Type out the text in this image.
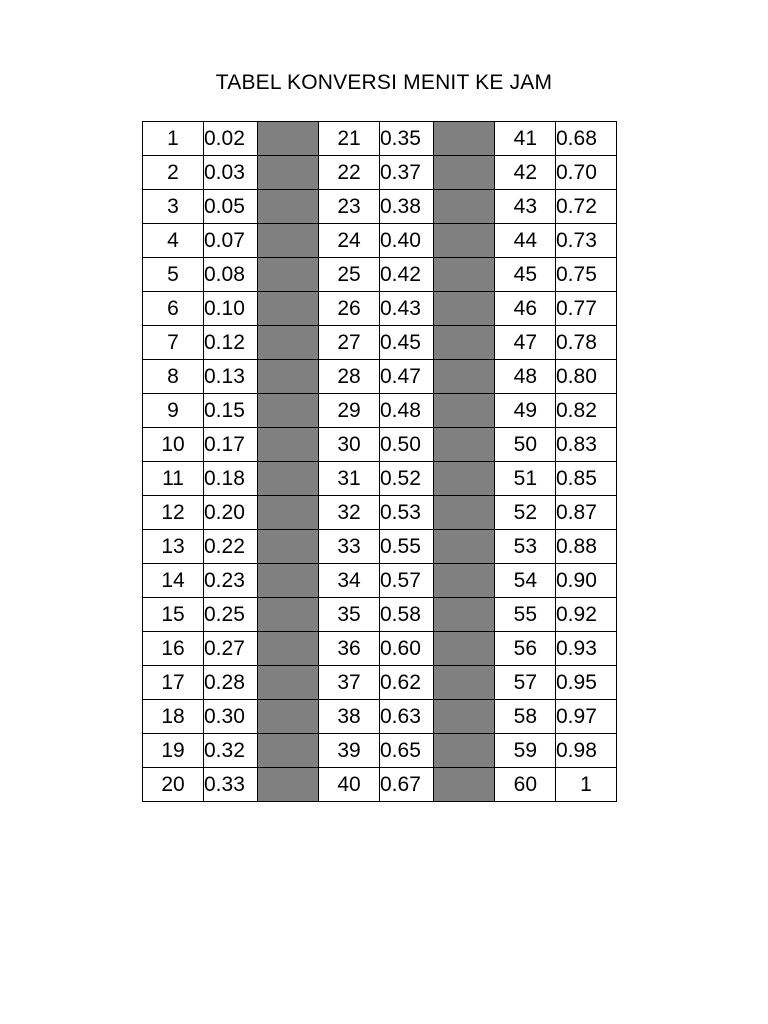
TABEL KONVERSI MENIT KE JAM
1	0.02		21	0.35		41	0.68
2	0.03		22	0.37		42	0.70
3	0.05		23	0.38		43	0.72
4	0.07		24	0.40		44	0.73
5	0.08		25	0.42		45	0.75
6	0.10		26	0.43		46	0.77
7	0.12		27	0.45		47	0.78
8	0.13		28	0.47		48	0.80
9	0.15		29	0.48		49	0.82
10	0.17		30	0.50		50	0.83
11	0.18		31	0.52		51	0.85
12	0.20		32	0.53		52	0.87
13	0.22		33	0.55		53	0.88
14	0.23		34	0.57		54	0.90
15	0.25		35	0.58		55	0.92
16	0.27		36	0.60		56	0.93
17	0.28		37	0.62		57	0.95
18	0.30		38	0.63		58	0.97
19	0.32		39	0.65		59	0.98
20	0.33		40	0.67		60	1
